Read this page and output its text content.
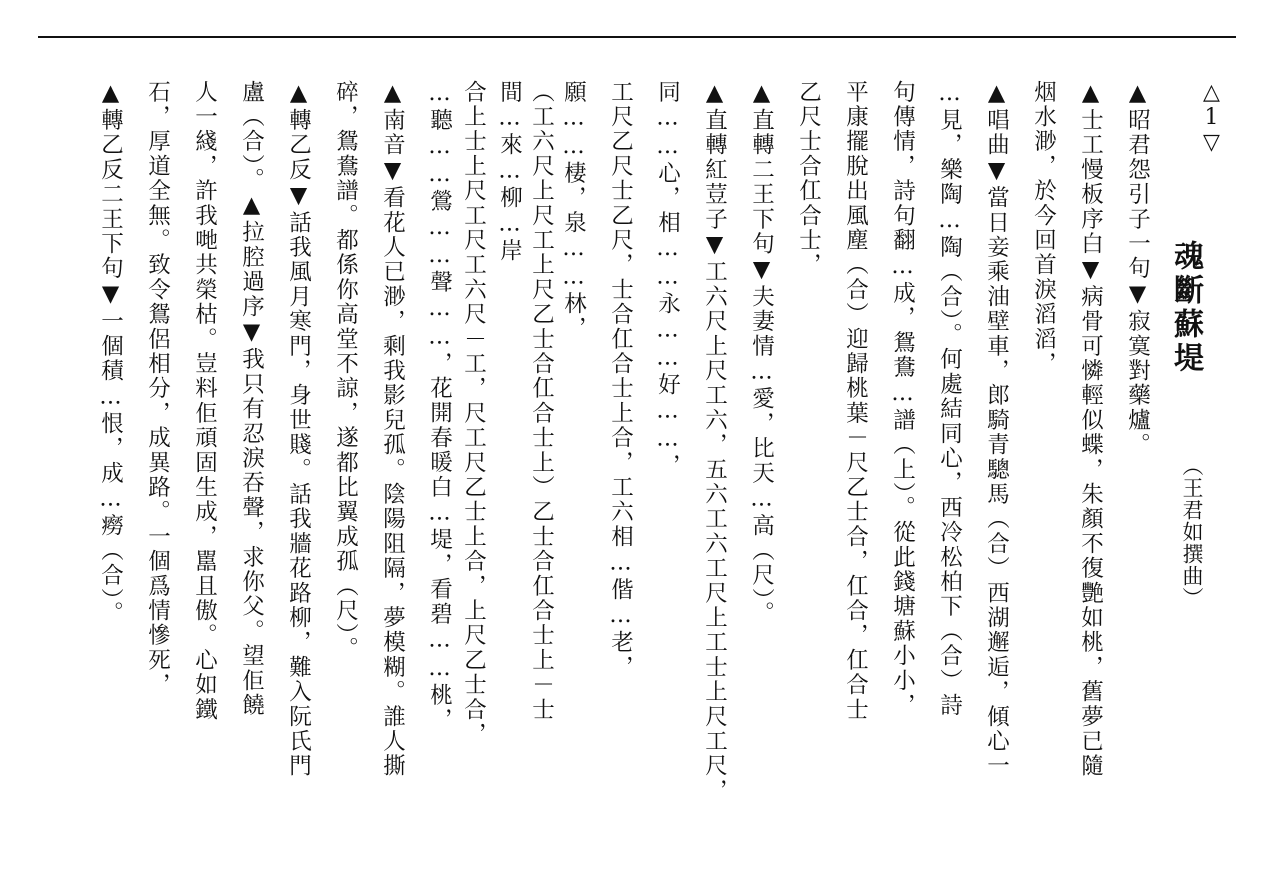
△1▽
魂斷蘇堤
（王君如撰曲）
▲昭君怨引子一句▼寂寞對藥爐。
▲士工慢板序白▼病骨可憐輕似蝶，朱顏不復艷如桃，舊夢已隨
烟水渺，於今回首淚滔滔，
▲唱曲▼當日妾乘油壁車，郎騎青驄馬（合）西湖邂逅，傾心一
…見，樂陶…陶（合）。何處結同心，西冷松柏下（合）詩
句傳情，詩句翻…成，鴛鴦…譜（上）。從此錢塘蘇小小，
平康擺脫出風塵（合）迎歸桃葉－尺乙士合，仜合，仜合士
乙尺士合仜合士，
▲直轉二王下句▼夫妻情…愛，比天…高（尺）。
▲直轉紅荳子▼工六尺上尺工六，五六工六工尺上工士上尺工尺，
同……心，相……永……好……，
工尺乙尺士乙尺，士合仜合士上合，工六相…偕…老，
願……棲，泉……林，
（工六尺上尺工上尺乙士合仜合士上）乙士合仜合士上－士
間…來…柳…岸
合上士上尺工尺工六尺－工，尺工尺乙士上合，上尺乙士合，
…聽……鶯……聲……，花開春暖白…堤，看碧……桃，
▲南音▼看花人已渺，剩我影兒孤。陰陽阻隔，夢模糊。誰人撕
碎，鴛鴦譜。都係你高堂不諒，遂都比翼成孤（尺）。
▲轉乙反▼話我風月寒門，身世賤。話我牆花路柳，難入阮氏門
盧（合）。▲拉腔過序▼我只有忍淚吞聲，求你父。望佢饒
人一綫，許我哋共榮枯。豈料佢頑固生成，嚚且傲。心如鐵
石，厚道全無。致令鴛侶相分，成異路。一個爲情慘死，
▲轉乙反二王下句▼一個積…恨，成…癆（合）。
